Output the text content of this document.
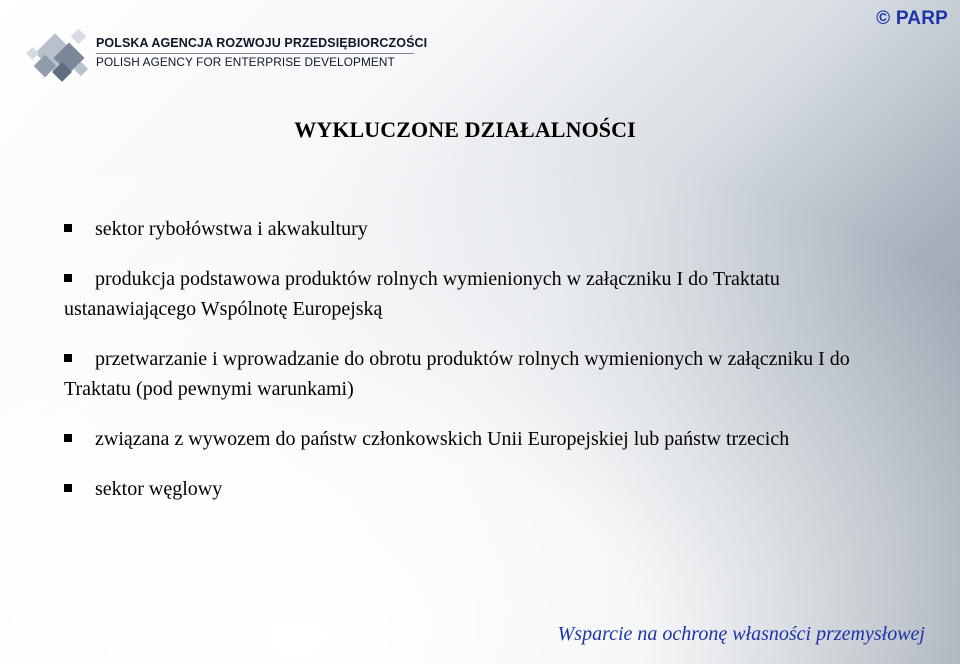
© PARP
POLSKA AGENCJA ROZWOJU PRZEDSIĘBIORCZOŚCI
POLISH AGENCY FOR ENTERPRISE DEVELOPMENT
WYKLUCZONE DZIAŁALNOŚCI
sektor rybołówstwa i akwakultury
produkcja podstawowa produktów rolnych wymienionych w załączniku I do Traktatu ustanawiającego Wspólnotę Europejską
przetwarzanie i wprowadzanie do obrotu produktów rolnych wymienionych w załączniku I do Traktatu (pod pewnymi warunkami)
związana z wywozem do państw członkowskich Unii Europejskiej lub państw trzecich
sektor węglowy
Wsparcie na ochronę własności przemysłowej
